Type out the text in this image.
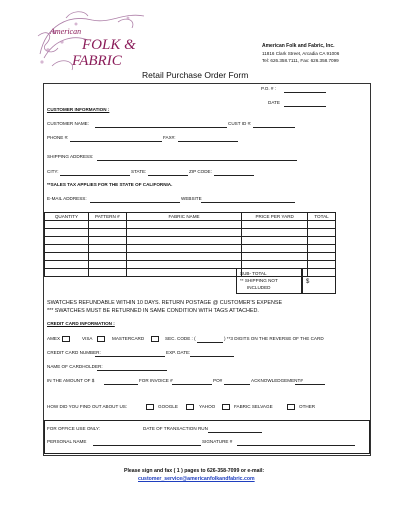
American
FOLK &
FABRIC
American Folk and Fabric, Inc.
11816 Clark Street, Arcadia CA 91006
Tel: 626.358.7111, Fax: 626.358.7099
Retail Purchase Order Form
P.O. # :
DATE
CUSTOMER INFORMATION :
CUSTOMER NAME:	CUST ID #:
PHONE #:	FAX#:
SHIPPING ADDRESS:
CITY:	STATE:	ZIP CODE:
**SALES TAX APPLIES FOR THE STATE OF CALIFORNIA.
E-MAIL ADDRESS:	WEBSITE
QUANTITY	PATTERN #	FABRIC NAME	PRICE PER YARD	TOTAL

SUB- TOTAL
** SHIPPING NOT
INCLUDED
$
SWATCHES REFUNDABLE WITHIN 10 DAYS. RETURN POSTAGE @ CUSTOMER'S EXPENSE
*** SWATCHES MUST BE RETURNED IN SAME CONDITION WITH TAGS ATTACHED.
CREDIT CARD INFORMATION :
AMEX	VISA	MASTERCARD	SEC. CODE : (	) **3 DIGITS ON THE REVERSE OF THE CARD
CREDIT CARD NUMBER:	EXP. DATE:
NAME OF CARDHOLDER:
IN THE AMOUNT OF $	FOR INVOICE #	PO#	ACKNOWLEDGEMENT#
HOW DID YOU FIND OUT ABOUT US:	GOOGLE	YAHOO	FABRIC SELVAGE	OTHER
FOR OFFICE USE ONLY:	DATE OF TRANSACTION RUN
PERSONAL NAME	SIGNATURE #
Please sign and fax ( 1 ) pages to 626-358-7099 or e-mail:
customer_service@americanfolkandfabric.com
